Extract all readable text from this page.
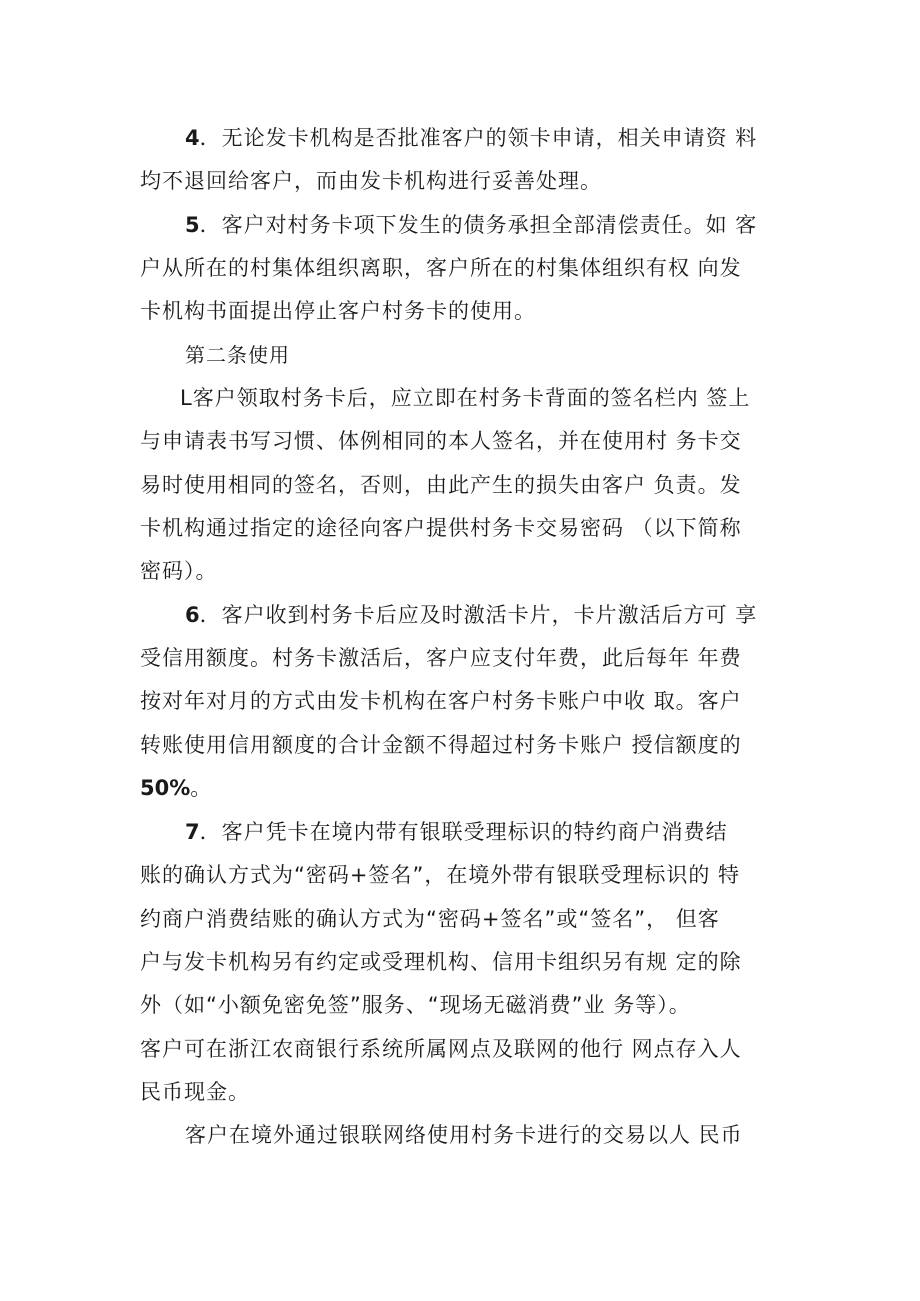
4．无论发卡机构是否批准客户的领卡申请，相关申请资 料
均不退回给客户，而由发卡机构进行妥善处理。
5．客户对村务卡项下发生的债务承担全部清偿责任。如 客
户从所在的村集体组织离职，客户所在的村集体组织有权 向发
卡机构书面提出停止客户村务卡的使用。
第二条使用
L客户领取村务卡后，应立即在村务卡背面的签名栏内 签上
与申请表书写习惯、体例相同的本人签名，并在使用村 务卡交
易时使用相同的签名，否则，由此产生的损失由客户 负责。发
卡机构通过指定的途径向客户提供村务卡交易密码 （以下简称
密码）。
6．客户收到村务卡后应及时激活卡片，卡片激活后方可 享
受信用额度。村务卡激活后，客户应支付年费，此后每年 年费
按对年对月的方式由发卡机构在客户村务卡账户中收 取。客户
转账使用信用额度的合计金额不得超过村务卡账户 授信额度的
50%。
7．客户凭卡在境内带有银联受理标识的特约商户消费结
账的确认方式为“密码+签名”，在境外带有银联受理标识的 特
约商户消费结账的确认方式为“密码+签名”或“签名”， 但客
户与发卡机构另有约定或受理机构、信用卡组织另有规 定的除
外（如“小额免密免签”服务、“现场无磁消费”业 务等）。
客户可在浙江农商银行系统所属网点及联网的他行 网点存入人
民币现金。
客户在境外通过银联网络使用村务卡进行的交易以人 民币
